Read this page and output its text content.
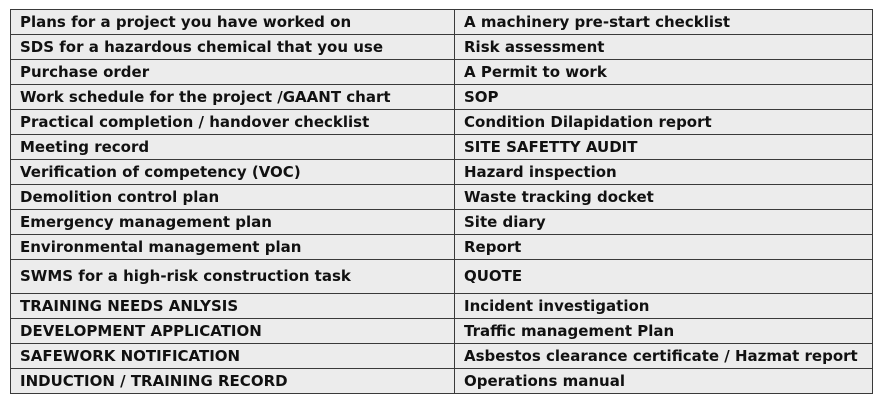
Plans for a project you have worked on	A machinery pre-start checklist
SDS for a hazardous chemical that you use	Risk assessment
Purchase order	A Permit to work
Work schedule for the project /GAANT chart	SOP
Practical completion / handover checklist	Condition Dilapidation report
Meeting record	SITE SAFETTY AUDIT
Verification of competency (VOC)	Hazard inspection
Demolition control plan	Waste tracking docket
Emergency management plan	Site diary
Environmental management plan	Report
SWMS for a high-risk construction task	QUOTE
TRAINING NEEDS ANLYSIS	Incident investigation
DEVELOPMENT APPLICATION	Traffic management Plan
SAFEWORK NOTIFICATION	Asbestos clearance certificate / Hazmat report
INDUCTION / TRAINING RECORD	Operations manual
